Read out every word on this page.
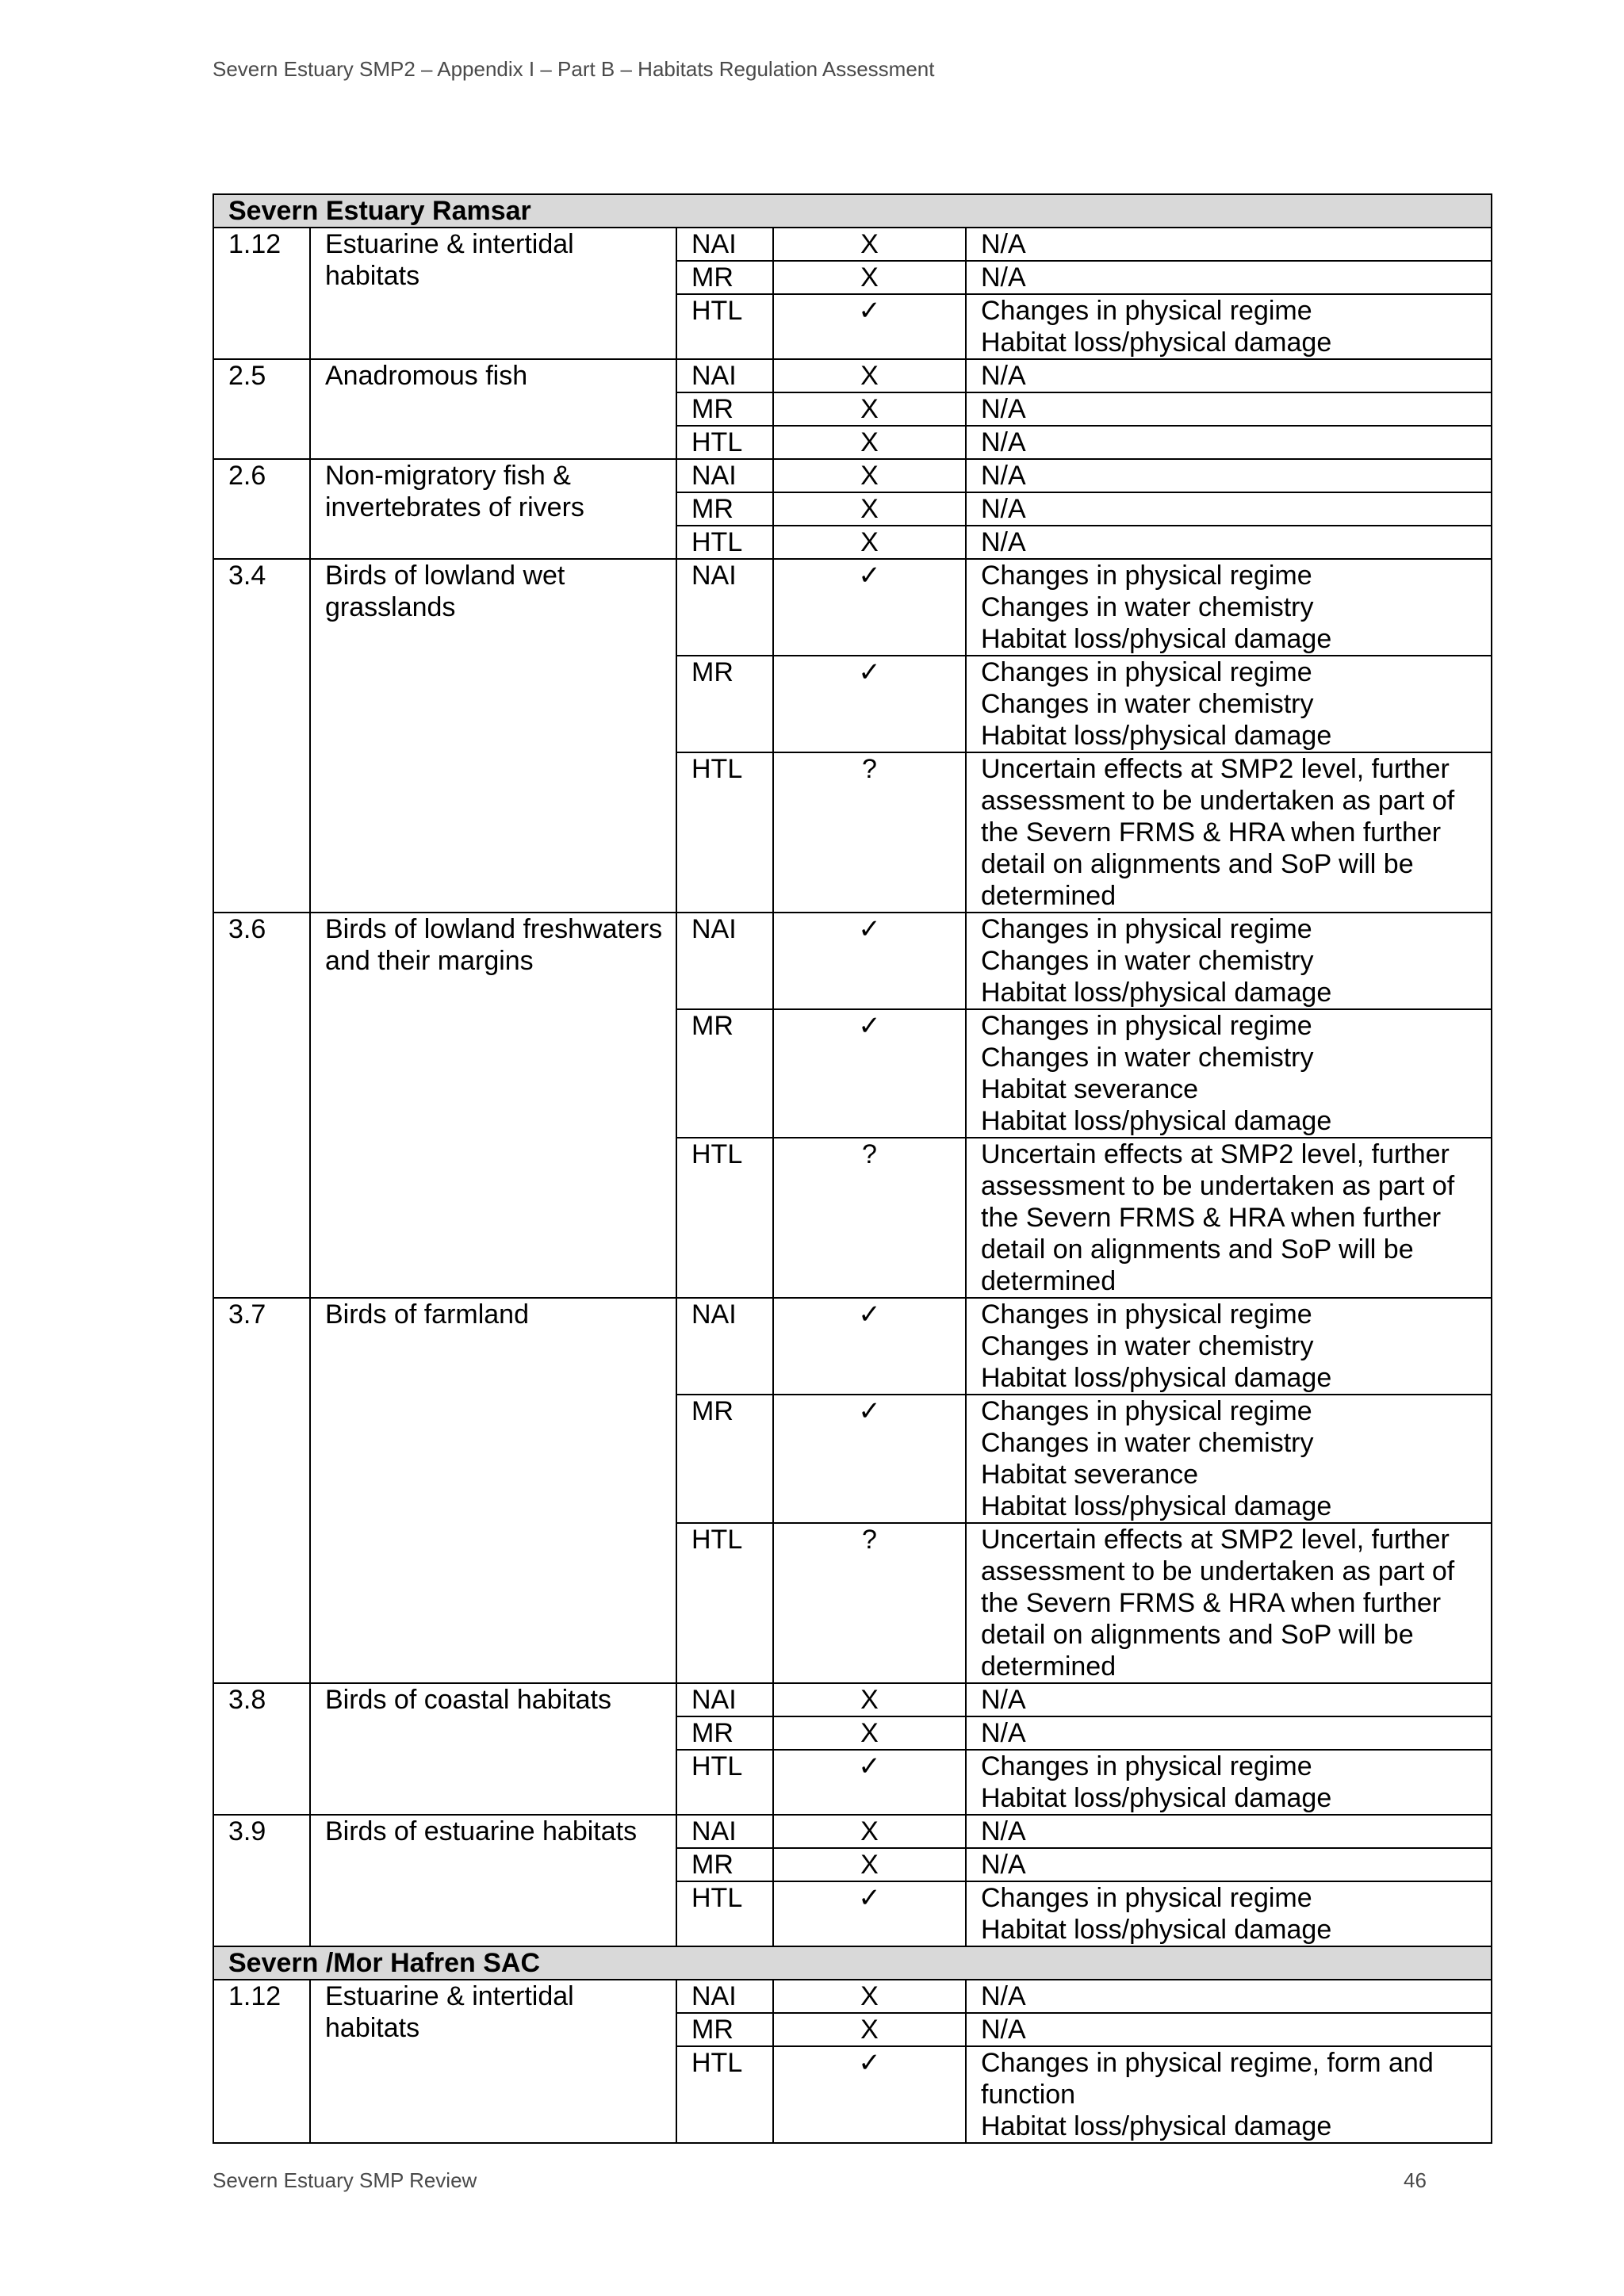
Severn Estuary SMP2 – Appendix I – Part B – Habitats Regulation Assessment
Severn Estuary Ramsar				
1.12	Estuarine & intertidal habitats	NAI	X	N/A

		MR	X	N/A

		HTL	✓	Changes in physical regime
Habitat loss/physical damage

2.5	Anadromous fish	NAI	X	N/A

		MR	X	N/A

		HTL	X	N/A

2.6	Non-migratory fish & invertebrates of rivers	NAI	X	N/A

		MR	X	N/A

		HTL	X	N/A

3.4	Birds of lowland wet grasslands	NAI	✓	Changes in physical regime
Changes in water chemistry
Habitat loss/physical damage

		MR	✓	Changes in physical regime
Changes in water chemistry
Habitat loss/physical damage

		HTL	?	Uncertain effects at SMP2 level, further assessment to be undertaken as part of the Severn FRMS & HRA when further detail on alignments and SoP will be determined

3.6	Birds of lowland freshwaters and their margins	NAI	✓	Changes in physical regime
Changes in water chemistry
Habitat loss/physical damage

		MR	✓	Changes in physical regime
Changes in water chemistry
Habitat severance
Habitat loss/physical damage

		HTL	?	Uncertain effects at SMP2 level, further assessment to be undertaken as part of the Severn FRMS & HRA when further detail on alignments and SoP will be determined

3.7	Birds of farmland	NAI	✓	Changes in physical regime
Changes in water chemistry
Habitat loss/physical damage

		MR	✓	Changes in physical regime
Changes in water chemistry
Habitat severance
Habitat loss/physical damage

		HTL	?	Uncertain effects at SMP2 level, further assessment to be undertaken as part of the Severn FRMS & HRA when further detail on alignments and SoP will be determined

3.8	Birds of coastal habitats	NAI	X	N/A

		MR	X	N/A

		HTL	✓	Changes in physical regime
Habitat loss/physical damage

3.9	Birds of estuarine habitats	NAI	X	N/A

		MR	X	N/A

		HTL	✓	Changes in physical regime
Habitat loss/physical damage

Severn /Mor Hafren SAC				
1.12	Estuarine & intertidal habitats	NAI	X	N/A

		MR	X	N/A

		HTL	✓	Changes in physical regime, form and function
Habitat loss/physical damage
Severn Estuary SMP Review	46
